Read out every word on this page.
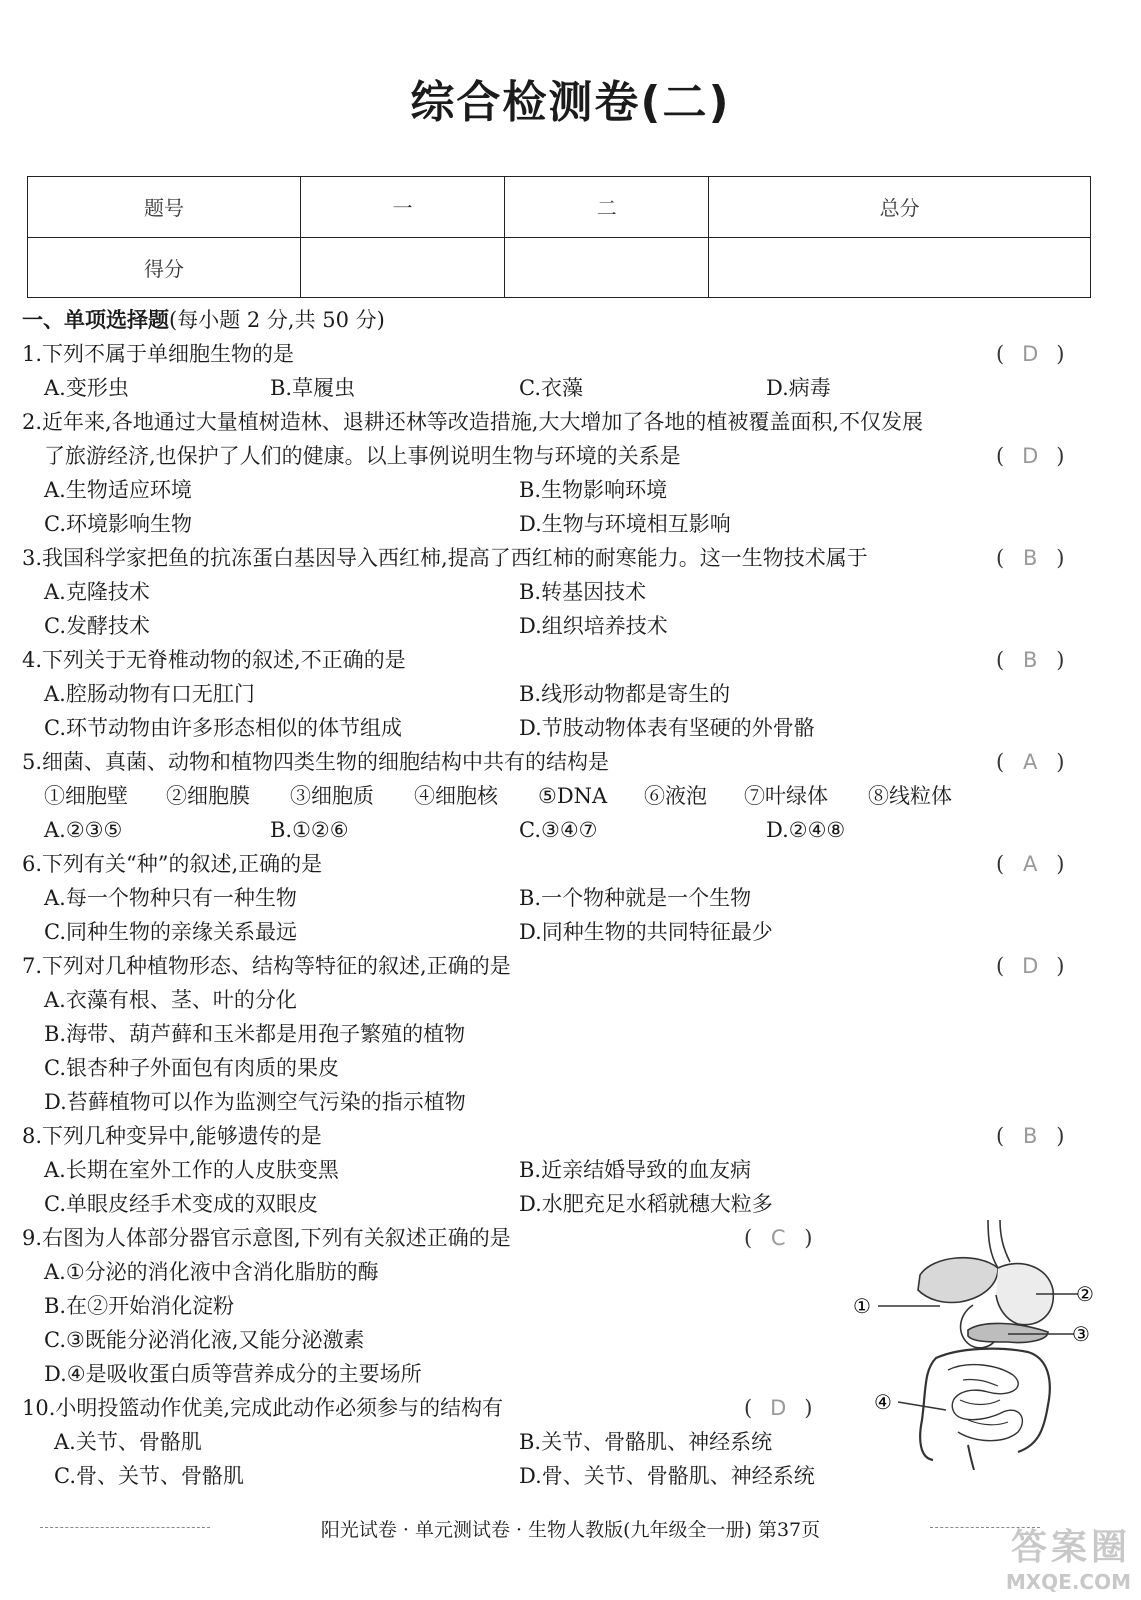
综合检测卷(二)
题号	一	二	总分
得分			
一、单项选择题(每小题 2 分,共 50 分)
1.下列不属于单细胞生物的是	( D )
A.变形虫	B.草履虫	C.衣藻	D.病毒
2.近年来,各地通过大量植树造林、退耕还林等改造措施,大大增加了各地的植被覆盖面积,不仅发展
了旅游经济,也保护了人们的健康。以上事例说明生物与环境的关系是	( D )
A.生物适应环境	B.生物影响环境
C.环境影响生物	D.生物与环境相互影响
3.我国科学家把鱼的抗冻蛋白基因导入西红柿,提高了西红柿的耐寒能力。这一生物技术属于	( B )
A.克隆技术	B.转基因技术
C.发酵技术	D.组织培养技术
4.下列关于无脊椎动物的叙述,不正确的是	( B )
A.腔肠动物有口无肛门	B.线形动物都是寄生的
C.环节动物由许多形态相似的体节组成	D.节肢动物体表有坚硬的外骨骼
5.细菌、真菌、动物和植物四类生物的细胞结构中共有的结构是	( A )
①细胞壁 ②细胞膜 ③细胞质 ④细胞核 ⑤DNA ⑥液泡 ⑦叶绿体 ⑧线粒体
A.②③⑤	B.①②⑥	C.③④⑦	D.②④⑧
6.下列有关“种”的叙述,正确的是	( A )
A.每一个物种只有一种生物	B.一个物种就是一个生物
C.同种生物的亲缘关系最远	D.同种生物的共同特征最少
7.下列对几种植物形态、结构等特征的叙述,正确的是	( D )
A.衣藻有根、茎、叶的分化
B.海带、葫芦藓和玉米都是用孢子繁殖的植物
C.银杏种子外面包有肉质的果皮
D.苔藓植物可以作为监测空气污染的指示植物
8.下列几种变异中,能够遗传的是	( B )
A.长期在室外工作的人皮肤变黑	B.近亲结婚导致的血友病
C.单眼皮经手术变成的双眼皮	D.水肥充足水稻就穗大粒多
9.右图为人体部分器官示意图,下列有关叙述正确的是	( C )
A.①分泌的消化液中含消化脂肪的酶
B.在②开始消化淀粉
C.③既能分泌消化液,又能分泌激素
D.④是吸收蛋白质等营养成分的主要场所
10.小明投篮动作优美,完成此动作必须参与的结构有	( D )
A.关节、骨骼肌	B.关节、骨骼肌、神经系统
C.骨、关节、骨骼肌	D.骨、关节、骨骼肌、神经系统
①	②
③
④
阳光试卷 · 单元测试卷 · 生物人教版(九年级全一册) 第37页	答案圈
MXQE.COM
